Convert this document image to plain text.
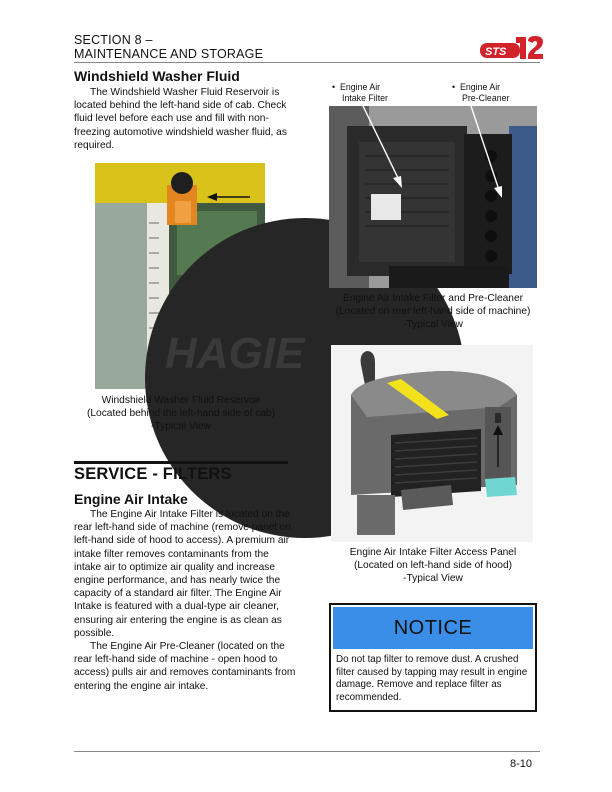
SECTION 8 –
MAINTENANCE AND STORAGE	STS
Windshield Washer Fluid

The Windshield Washer Fluid Reservoir is located behind the left-hand side of cab. Check fluid level before each use and fill with non-freezing automotive windshield washer fluid, as required.

HAGIE
Windshield Washer Fluid Reservoir
(Located behind the left-hand side of cab)
-Typical View
SERVICE - FILTERS
Engine Air Intake

The Engine Air Intake Filter is located on the rear left-hand side of machine (remove panel on left-hand side of hood to access). A premium air intake filter removes contaminants from the intake air to optimize air quality and increase engine performance, and has nearly twice the capacity of a standard air filter. The Engine Air Intake is featured with a dual-type air cleaner, ensuring air entering the engine is as clean as possible.

The Engine Air Pre-Cleaner (located on the rear left-hand side of machine - open hood to access) pulls air and removes contaminants from entering the engine air intake.

• Engine Air
Intake Filter
• Engine Air
Pre-Cleaner
Engine Air Intake Filter and Pre-Cleaner
(Located on rear left-hand side of machine)
-Typical View
Engine Air Intake Filter Access Panel
(Located on left-hand side of hood)
-Typical View
NOTICE
Do not tap filter to remove dust. A crushed filter caused by tapping may result in engine damage. Remove and replace filter as recommended.
8-10
